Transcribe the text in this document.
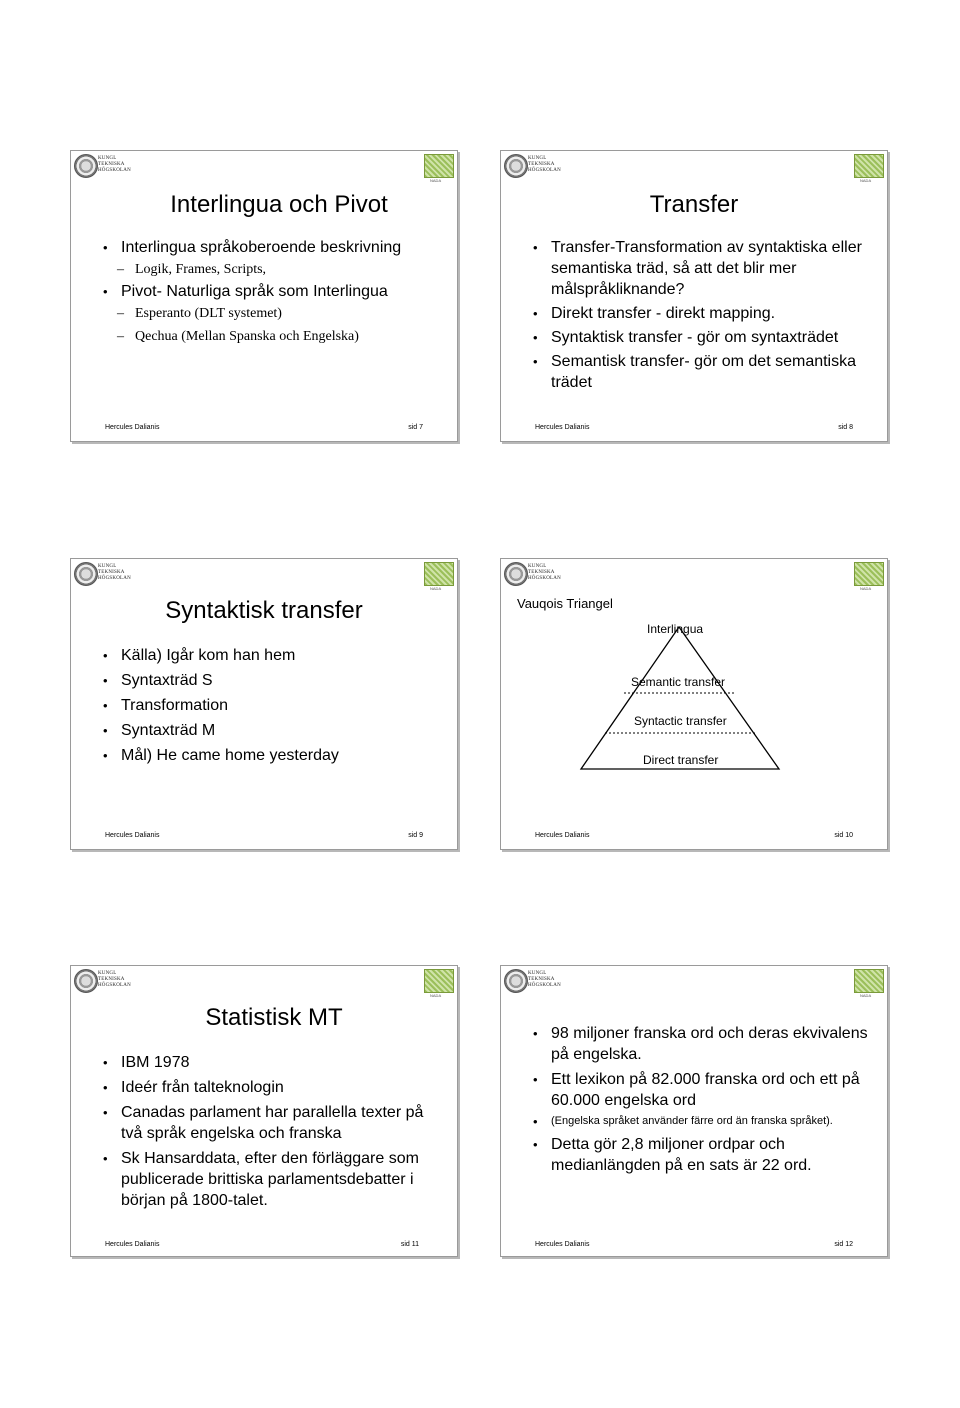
KUNGL
TEKNISKA
HÖGSKOLAN
NADA
Interlingua och Pivot
• Interlingua språkoberoende beskrivning
– Logik, Frames, Scripts,
• Pivot- Naturliga språk som Interlingua
– Esperanto (DLT systemet)
– Qechua (Mellan Spanska och Engelska)
Hercules Dalianis	sid 7
KUNGL
TEKNISKA
HÖGSKOLAN
NADA
Transfer
• Transfer-Transformation av syntaktiska eller semantiska träd, så att det blir mer målspråkliknande?
• Direkt transfer - direkt mapping.
• Syntaktisk transfer - gör om syntaxträdet
• Semantisk transfer- gör om det semantiska trädet
Hercules Dalianis	sid 8
KUNGL
TEKNISKA
HÖGSKOLAN
NADA
Syntaktisk transfer
• Källa) Igår kom han hem
• Syntaxträd S
• Transformation
• Syntaxträd M
• Mål) He came home yesterday
Hercules Dalianis	sid 9
KUNGL
TEKNISKA
HÖGSKOLAN
NADA
Vauqois Triangel
Interlingua
Semantic transfer
Syntactic transfer
Direct transfer
Hercules Dalianis	sid 10
KUNGL
TEKNISKA
HÖGSKOLAN
NADA
Statistisk MT
• IBM 1978
• Ideér från talteknologin
• Canadas parlament har parallella texter på två språk engelska och franska
• Sk Hansarddata, efter den förläggare som publicerade brittiska parlamentsdebatter i början på 1800-talet.
Hercules Dalianis	sid 11
KUNGL
TEKNISKA
HÖGSKOLAN
NADA
• 98 miljoner franska ord och deras ekvivalens på engelska.
• Ett lexikon på 82.000 franska ord och ett på 60.000 engelska ord
• (Engelska språket använder färre ord än franska språket).
• Detta gör 2,8 miljoner ordpar och medianlängden på en sats är 22 ord.
Hercules Dalianis	sid 12
